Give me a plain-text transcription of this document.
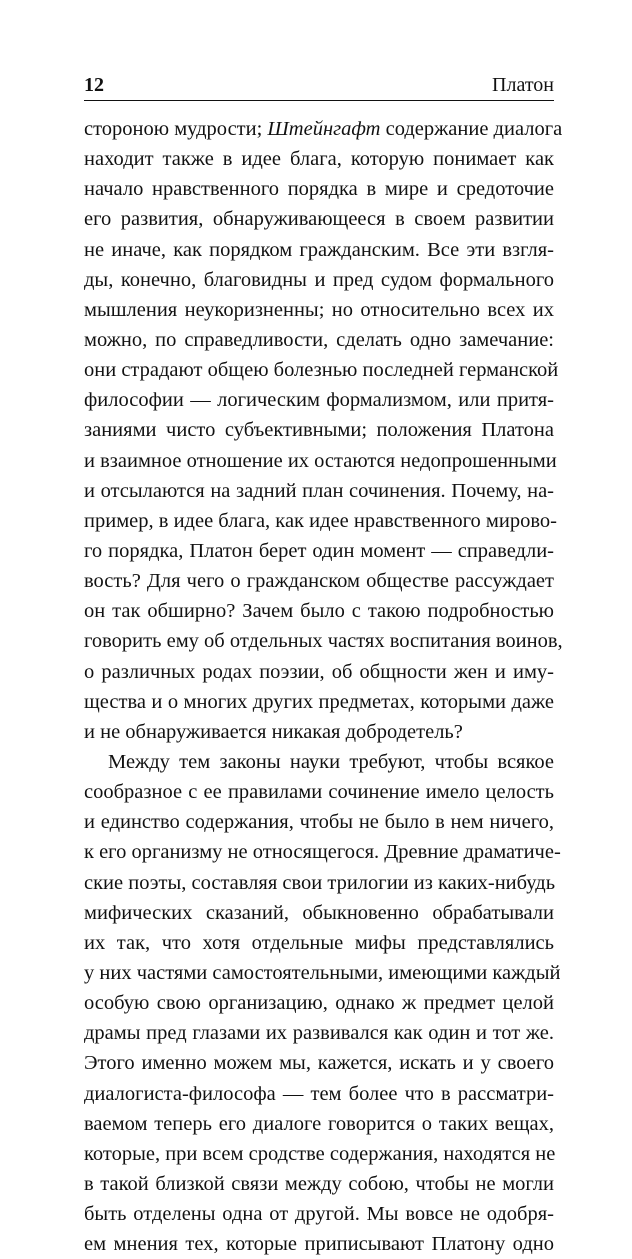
12	Платон
сторонoю мудрости; Штейнгафт содержание диалога
находит также в идее блага, которую понимает как
начало нравственного порядка в мире и средоточие
его развития, обнаруживающееся в своем развитии
не иначе, как порядком гражданским. Все эти взгля-
ды, конечно, благовидны и пред судом формального
мышления неукоризненны; но относительно всех их
можно, по справедливости, сделать одно замечание:
они страдают общею болезнью последней германской
философии — логическим формализмом, или притя-
заниями чисто субъективными; положения Платона
и взаимное отношение их остаются недопрошенными
и отсылаются на задний план сочинения. Почему, на-
пример, в идее блага, как идее нравственного мирово-
го порядка, Платон берет один момент — справедли-
вость? Для чего о гражданском обществе рассуждает
он так обширно? Зачем было с такою подробностью
говорить ему об отдельных частях воспитания воинов,
о различных родах поэзии, об общности жен и иму-
щества и о многих других предметах, которыми даже
и не обнаруживается никакая добродетель?
Между тем законы науки требуют, чтобы всякое
сообразное с ее правилами сочинение имело целость
и единство содержания, чтобы не было в нем ничего,
к его организму не относящегося. Древние драматиче-
ские поэты, составляя свои трилогии из каких-нибудь
мифических сказаний, обыкновенно обрабатывали
их так, что хотя отдельные мифы представлялись
у них частями самостоятельными, имеющими каждый
особую свою организацию, однако ж предмет целой
драмы пред глазами их развивался как один и тот же.
Этого именно можем мы, кажется, искать и у своего
диалогиста-философа — тем более что в рассматри-
ваемом теперь его диалоге говорится о таких вещах,
которые, при всем сродстве содержания, находятся не
в такой близкой связи между собою, чтобы не могли
быть отделены одна от другой. Мы вовсе не одобря-
ем мнения тех, которые приписывают Платону одно
